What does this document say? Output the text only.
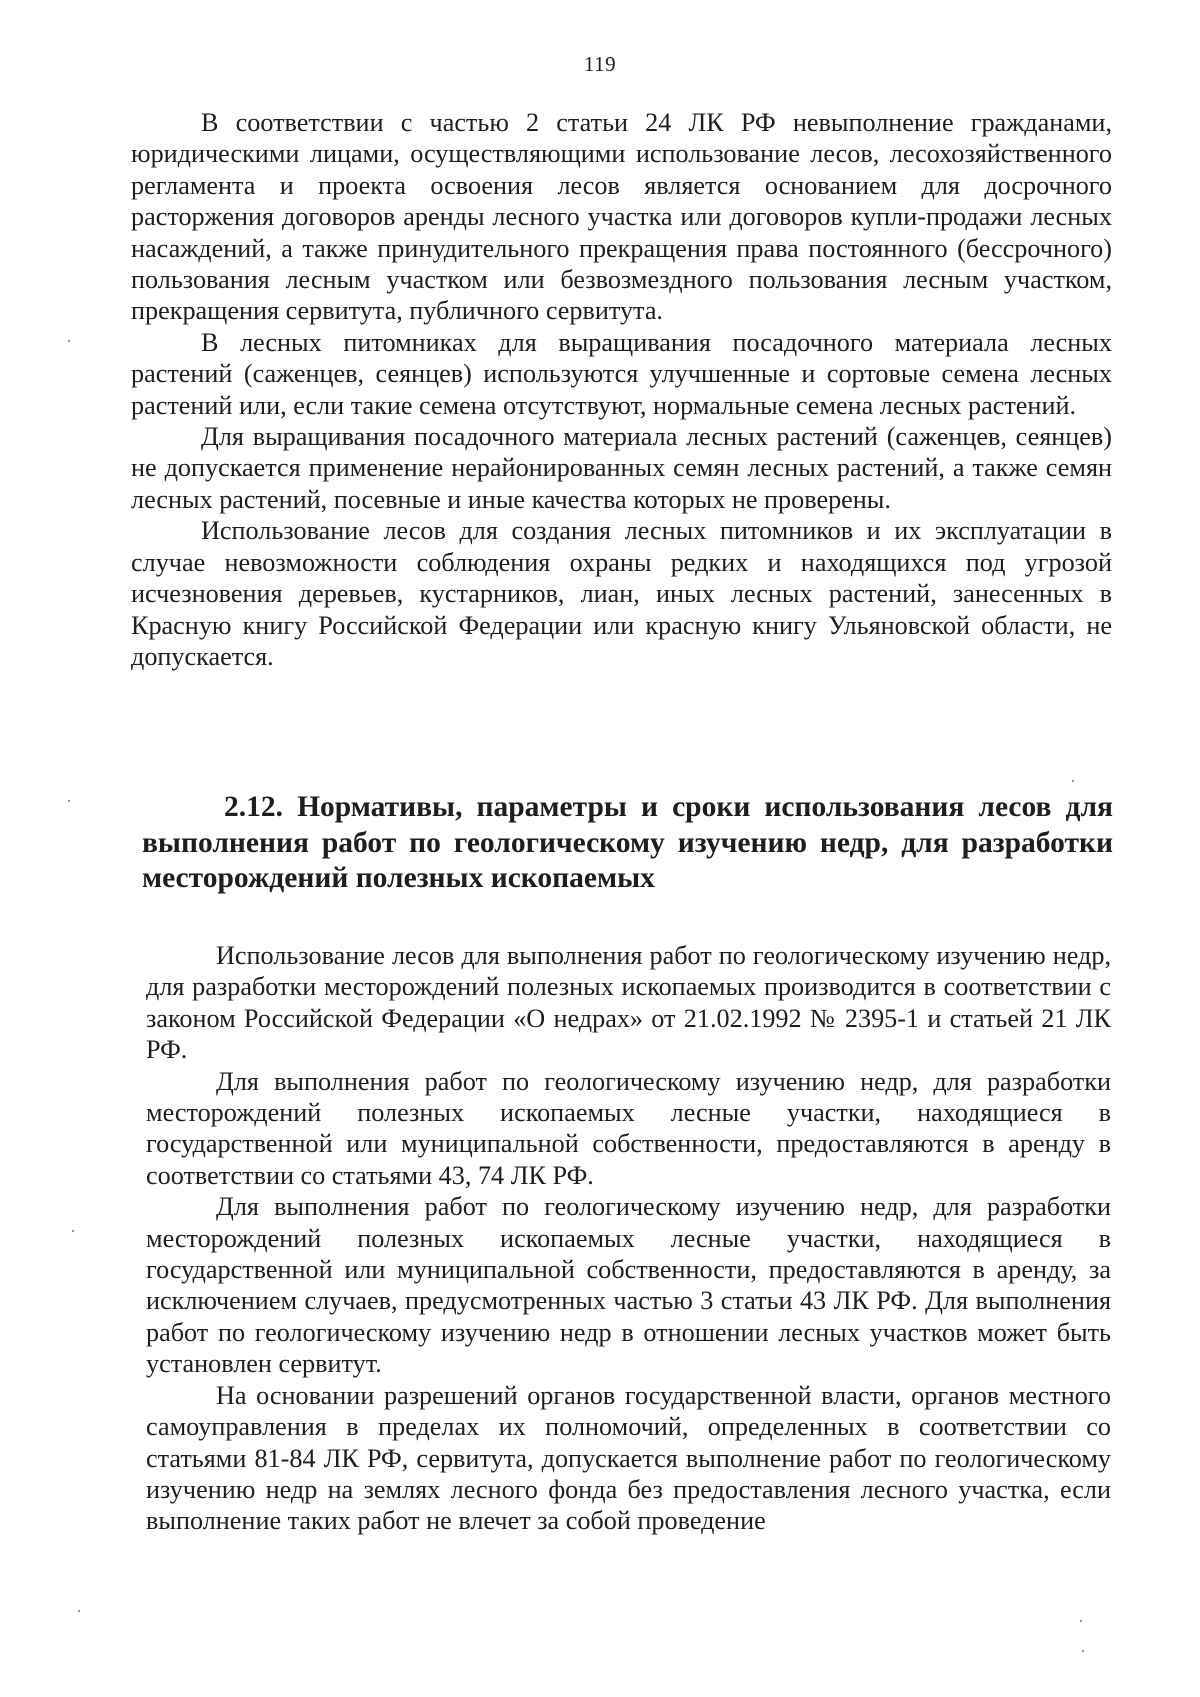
119

В соответствии с частью 2 статьи 24 ЛК РФ невыполнение гражданами, юридическими лицами, осуществляющими использование лесов, лесохозяйственного регламента и проекта освоения лесов является основанием для досрочного расторжения договоров аренды лесного участка или договоров купли-продажи лесных насаждений, а также принудительного прекращения права постоянного (бессрочного) пользования лесным участком или безвозмездного пользования лесным участком, прекращения сервитута, публичного сервитута.

В лесных питомниках для выращивания посадочного материала лесных растений (саженцев, сеянцев) используются улучшенные и сортовые семена лесных растений или, если такие семена отсутствуют, нормальные семена лесных растений.

Для выращивания посадочного материала лесных растений (саженцев, сеянцев) не допускается применение нерайонированных семян лесных растений, а также семян лесных растений, посевные и иные качества которых не проверены.

Использование лесов для создания лесных питомников и их эксплуатации в случае невозможности соблюдения охраны редких и находящихся под угрозой исчезновения деревьев, кустарников, лиан, иных лесных растений, занесенных в Красную книгу Российской Федерации или красную книгу Ульяновской области, не допускается.

2.12. Нормативы, параметры и сроки использования лесов для выполнения работ по геологическому изучению недр, для разработки месторождений полезных ископаемых

Использование лесов для выполнения работ по геологическому изучению недр, для разработки месторождений полезных ископаемых производится в соответствии с законом Российской Федерации «О недрах» от 21.02.1992 № 2395-1 и статьей 21 ЛК РФ.

Для выполнения работ по геологическому изучению недр, для разработки месторождений полезных ископаемых лесные участки, находящиеся в государственной или муниципальной собственности, предоставляются в аренду в соответствии со статьями 43, 74 ЛК РФ.

Для выполнения работ по геологическому изучению недр, для разработки месторождений полезных ископаемых лесные участки, находящиеся в государственной или муниципальной собственности, предоставляются в аренду, за исключением случаев, предусмотренных частью 3 статьи 43 ЛК РФ. Для выполнения работ по геологическому изучению недр в отношении лесных участков может быть установлен сервитут.

На основании разрешений органов государственной власти, органов местного самоуправления в пределах их полномочий, определенных в соответствии со статьями 81-84 ЛК РФ, сервитута, допускается выполнение работ по геологическому изучению недр на землях лесного фонда без предоставления лесного участка, если выполнение таких работ не влечет за собой проведение
